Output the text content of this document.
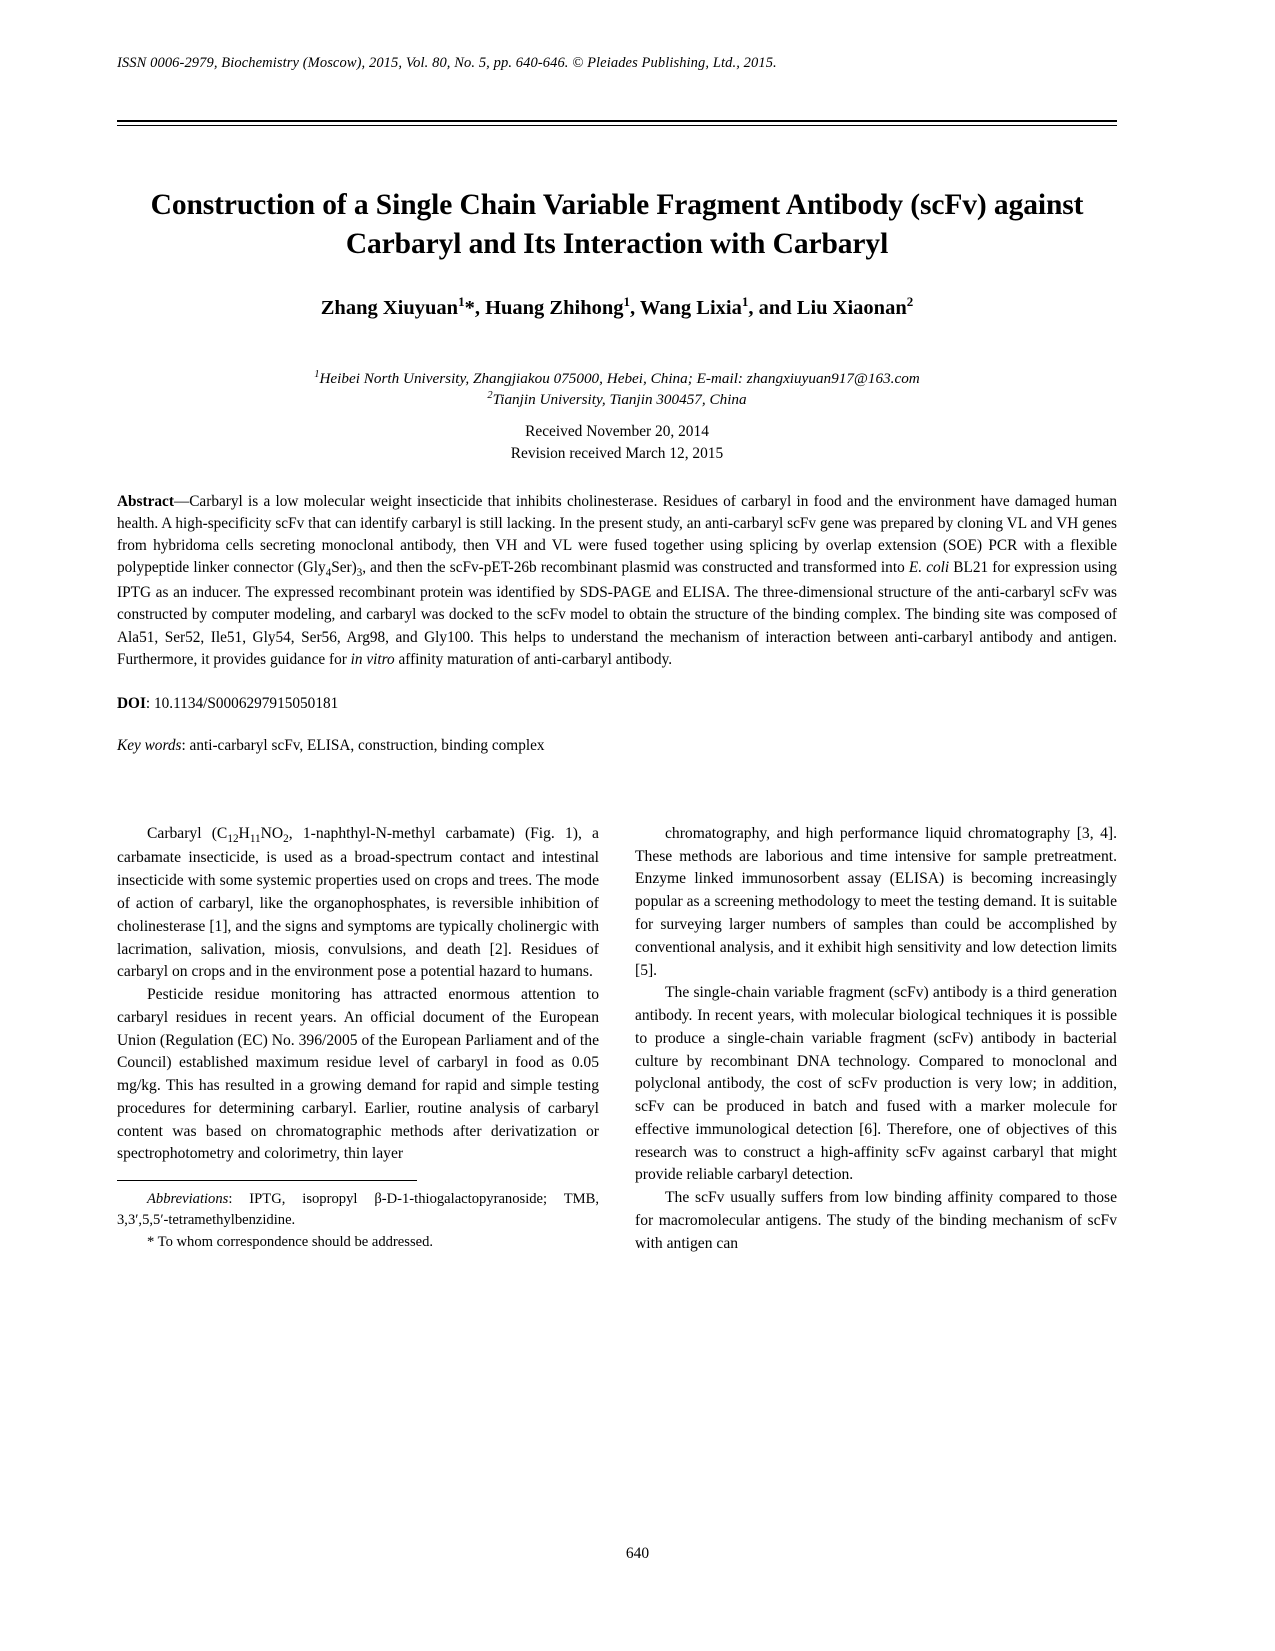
ISSN 0006-2979, Biochemistry (Moscow), 2015, Vol. 80, No. 5, pp. 640-646. © Pleiades Publishing, Ltd., 2015.
Construction of a Single Chain Variable Fragment Antibody (scFv) against Carbaryl and Its Interaction with Carbaryl
Zhang Xiuyuan$^1$*, Huang Zhihong$^1$, Wang Lixia$^1$, and Liu Xiaonan$^2$
$^1$Heibei North University, Zhangjiakou 075000, Hebei, China; E-mail: zhangxiuyuan917@163.com
$^2$Tianjin University, Tianjin 300457, China
Received November 20, 2014
Revision received March 12, 2015
Abstract—Carbaryl is a low molecular weight insecticide that inhibits cholinesterase. Residues of carbaryl in food and the environment have damaged human health. A high-specificity scFv that can identify carbaryl is still lacking. In the present study, an anti-carbaryl scFv gene was prepared by cloning VL and VH genes from hybridoma cells secreting monoclonal antibody, then VH and VL were fused together using splicing by overlap extension (SOE) PCR with a flexible polypeptide linker connector $(Gly_4Ser)_3$, and then the scFv-pET-26b recombinant plasmid was constructed and transformed into E. coli BL21 for expression using IPTG as an inducer. The expressed recombinant protein was identified by SDS-PAGE and ELISA. The three-dimensional structure of the anti-carbaryl scFv was constructed by computer modeling, and carbaryl was docked to the scFv model to obtain the structure of the binding complex. The binding site was composed of Ala51, Ser52, Ile51, Gly54, Ser56, Arg98, and Gly100. This helps to understand the mechanism of interaction between anti-carbaryl antibody and antigen. Furthermore, it provides guidance for in vitro affinity maturation of anti-carbaryl antibody.
DOI: 10.1134/S0006297915050181
Key words: anti-carbaryl scFv, ELISA, construction, binding complex

Carbaryl ($C_{12}H_{11}NO_2$, 1-naphthyl-N-methyl carbamate) (Fig. 1), a carbamate insecticide, is used as a broad-spectrum contact and intestinal insecticide with some systemic properties used on crops and trees. The mode of action of carbaryl, like the organophosphates, is reversible inhibition of cholinesterase [1], and the signs and symptoms are typically cholinergic with lacrimation, salivation, miosis, convulsions, and death [2]. Residues of carbaryl on crops and in the environment pose a potential hazard to humans.

Pesticide residue monitoring has attracted enormous attention to carbaryl residues in recent years. An official document of the European Union (Regulation (EC) No. 396/2005 of the European Parliament and of the Council) established maximum residue level of carbaryl in food as 0.05 mg/kg. This has resulted in a growing demand for rapid and simple testing procedures for determining carbaryl. Earlier, routine analysis of carbaryl content was based on chromatographic methods after derivatization or spectrophotometry and colorimetry, thin layer

Abbreviations: IPTG, isopropyl β-D-1-thiogalactopyranoside; TMB, 3,3′,5,5′-tetramethylbenzidine.

* To whom correspondence should be addressed.

chromatography, and high performance liquid chromatography [3, 4]. These methods are laborious and time intensive for sample pretreatment. Enzyme linked immunosorbent assay (ELISA) is becoming increasingly popular as a screening methodology to meet the testing demand. It is suitable for surveying larger numbers of samples than could be accomplished by conventional analysis, and it exhibit high sensitivity and low detection limits [5].

The single-chain variable fragment (scFv) antibody is a third generation antibody. In recent years, with molecular biological techniques it is possible to produce a single-chain variable fragment (scFv) antibody in bacterial culture by recombinant DNA technology. Compared to monoclonal and polyclonal antibody, the cost of scFv production is very low; in addition, scFv can be produced in batch and fused with a marker molecule for effective immunological detection [6]. Therefore, one of objectives of this research was to construct a high-affinity scFv against carbaryl that might provide reliable carbaryl detection.

The scFv usually suffers from low binding affinity compared to those for macromolecular antigens. The study of the binding mechanism of scFv with antigen can

640
